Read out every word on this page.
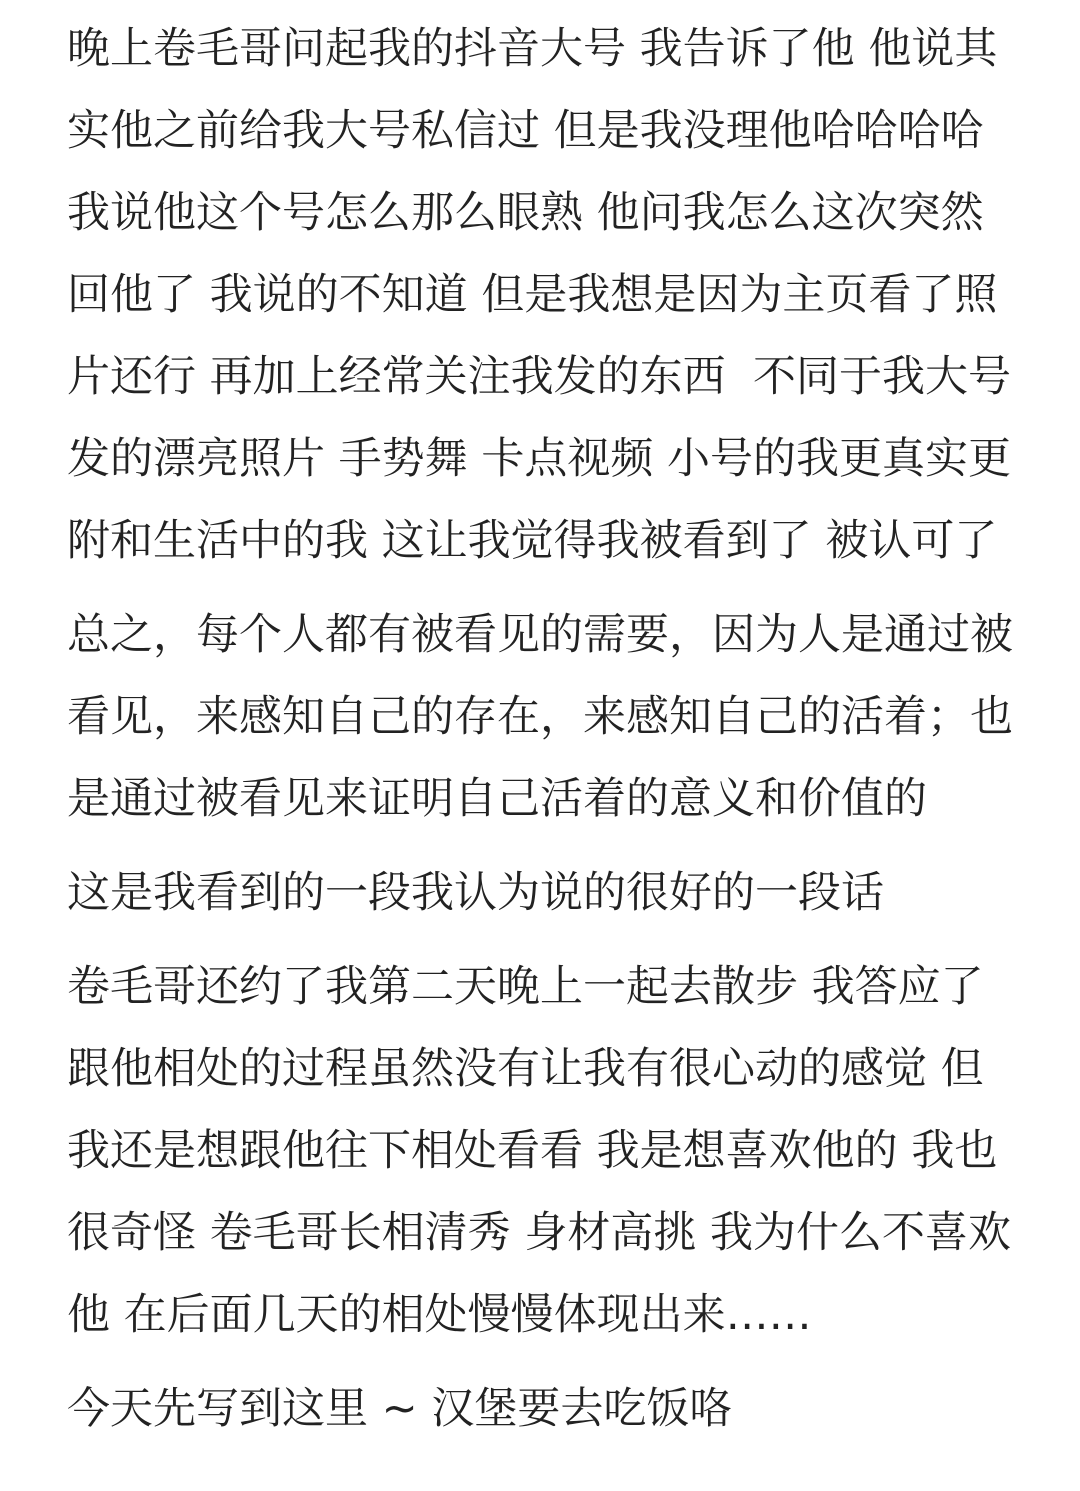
晚上卷毛哥问起我的抖音大号 我告诉了他 他说其
实他之前给我大号私信过 但是我没理他哈哈哈哈
我说他这个号怎么那么眼熟 他问我怎么这次突然
回他了 我说的不知道 但是我想是因为主页看了照
片还行 再加上经常关注我发的东西  不同于我大号
发的漂亮照片 手势舞 卡点视频 小号的我更真实更
附和生活中的我 这让我觉得我被看到了 被认可了
总之，每个人都有被看见的需要，因为人是通过被
看见，来感知自己的存在，来感知自己的活着；也
是通过被看见来证明自己活着的意义和价值的
这是我看到的一段我认为说的很好的一段话
卷毛哥还约了我第二天晚上一起去散步 我答应了
跟他相处的过程虽然没有让我有很心动的感觉 但
我还是想跟他往下相处看看 我是想喜欢他的 我也
很奇怪 卷毛哥长相清秀 身材高挑 我为什么不喜欢
他 在后面几天的相处慢慢体现出来……
今天先写到这里 ~ 汉堡要去吃饭咯
